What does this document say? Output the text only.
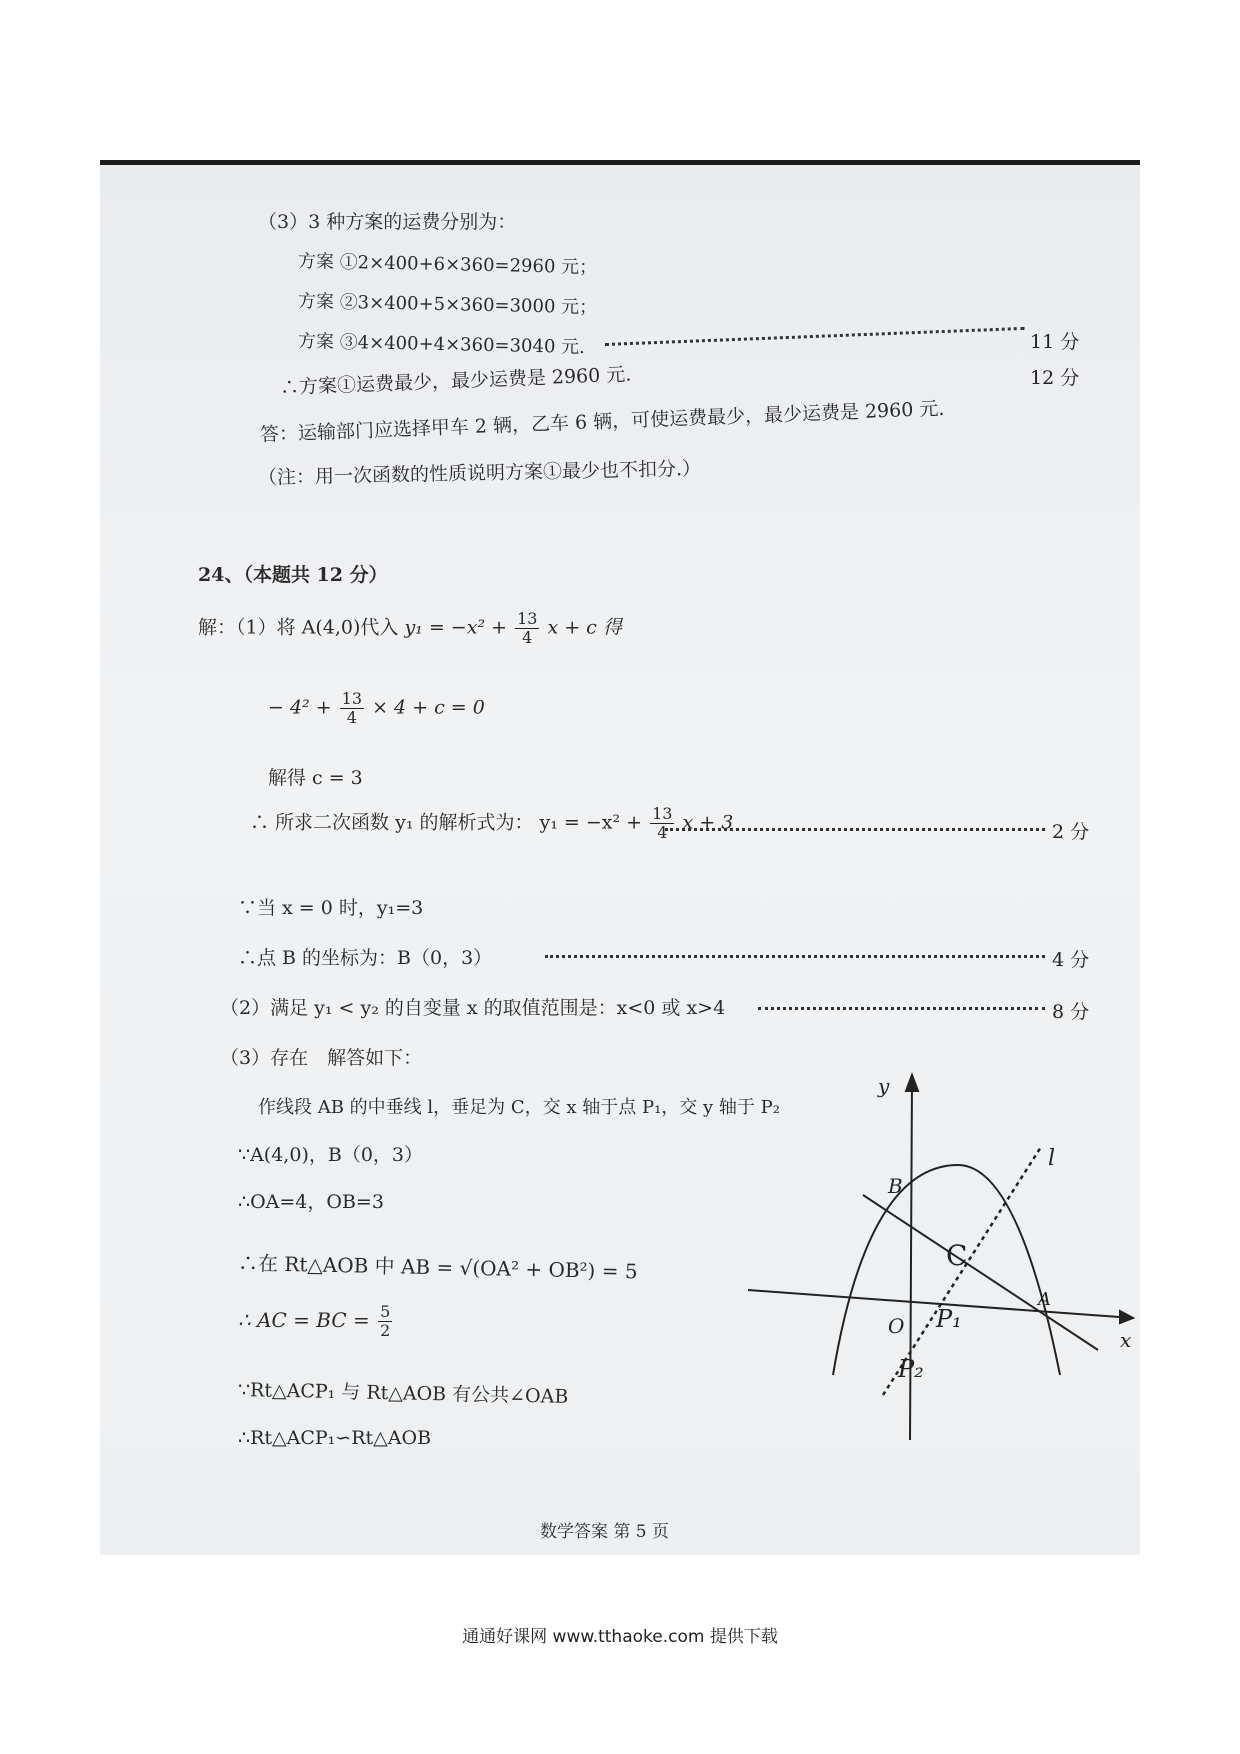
（3）3 种方案的运费分别为：
方案 ①2×400+6×360=2960 元；
方案 ②3×400+5×360=3000 元；
方案 ③4×400+4×360=3040 元.	11 分
∴方案①运费最少，最少运费是 2960 元.
答：运输部门应选择甲车 2 辆，乙车 6 辆，可使运费最少，最少运费是 2960 元.
12 分
（注：用一次函数的性质说明方案①最少也不扣分.）
24、（本题共 12 分）
解：（1）将 A(4,0)代入 $y_1 = -x^2 + \frac{13}{4}$ x + c 得
− $4^2 + \frac{13}{4} \times 4 + c = 0$
解得 c = 3
∴ 所求二次函数 y₁ 的解析式为： $y_1 = -x^2 + \frac{13}{4}$ x + 3	2 分
∵当 x = 0 时，y₁=3
∴点 B 的坐标为：B（0，3）	4 分
（2）满足 y₁ < y₂ 的自变量 x 的取值范围是：x<0 或 x>4	8 分
（3）存在　解答如下：
作线段 AB 的中垂线 l，垂足为 C，交 x 轴于点 P₁，交 y 轴于 P₂
∵A(4,0)，B（0，3）
∴OA=4，OB=3
∴在 Rt△AOB 中 AB = √(OA² + OB²) = 5
∴ AC = BC = $\frac{5}{2}$
∵Rt△ACP₁ 与 Rt△AOB 有公共∠OAB
∴Rt△ACP₁∽Rt△AOB
数学答案 第 5 页
y
x
l
B
C
A
O P₁
P₂
通通好课网 www.tthaoke.com 提供下载
